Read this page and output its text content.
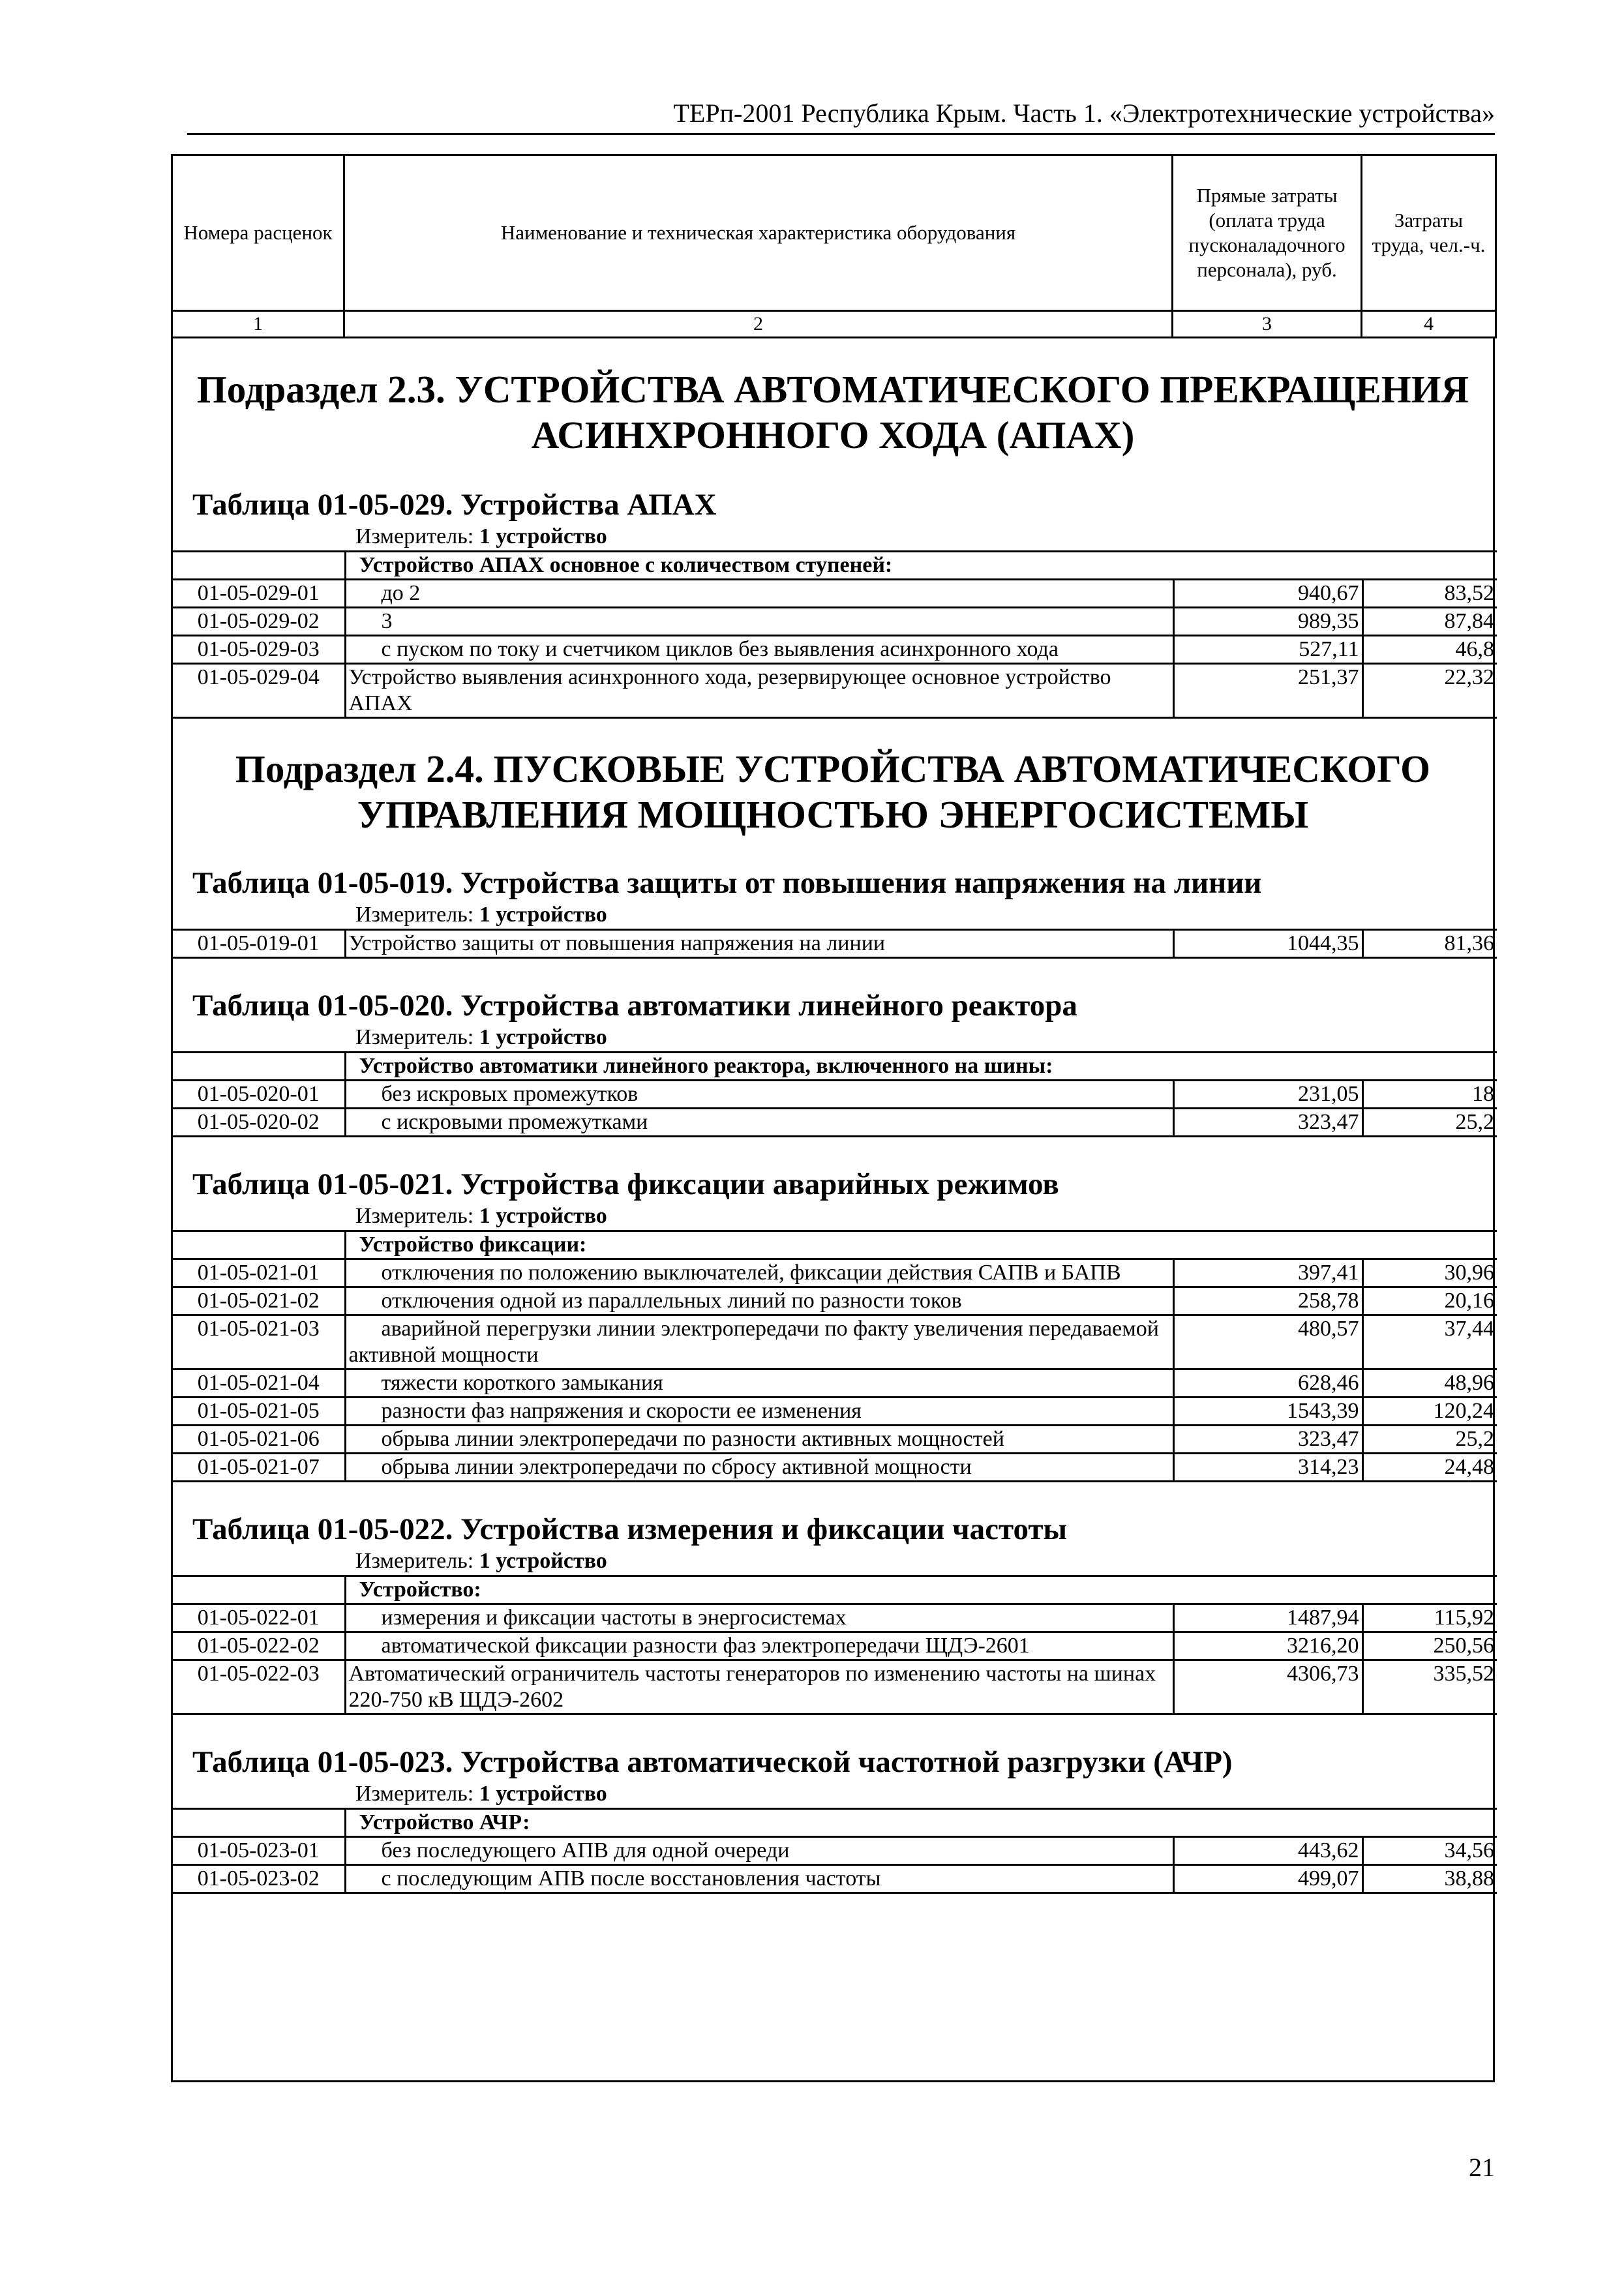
ТЕРп-2001 Республика Крым. Часть 1. «Электротехнические устройства»
Номера расценок	Наименование и техническая характеристика оборудования	Прямые затраты (оплата труда пусконаладочного персонала), руб.	Затраты труда, чел.-ч.
1	2	3	4
Подраздел 2.3. УСТРОЙСТВА АВТОМАТИЧЕСКОГО ПРЕКРАЩЕНИЯ
АСИНХРОННОГО ХОДА (АПАХ)
Таблица 01-05-029. Устройства АПАХ
Измеритель: 1 устройство
	Устройство АПАХ основное с количеством ступеней:		
01-05-029-01	до 2	940,67	83,52
01-05-029-02	3	989,35	87,84
01-05-029-03	с пуском по току и счетчиком циклов без выявления асинхронного хода	527,11	46,8
01-05-029-04	Устройство выявления асинхронного хода, резервирующее основное устройство АПАХ	251,37	22,32
Подраздел 2.4. ПУСКОВЫЕ УСТРОЙСТВА АВТОМАТИЧЕСКОГО
УПРАВЛЕНИЯ МОЩНОСТЬЮ ЭНЕРГОСИСТЕМЫ
Таблица 01-05-019. Устройства защиты от повышения напряжения на линии
Измеритель: 1 устройство
01-05-019-01	Устройство защиты от повышения напряжения на линии	1044,35	81,36
Таблица 01-05-020. Устройства автоматики линейного реактора
Измеритель: 1 устройство
	Устройство автоматики линейного реактора, включенного на шины:		
01-05-020-01	без искровых промежутков	231,05	18
01-05-020-02	с искровыми промежутками	323,47	25,2
Таблица 01-05-021. Устройства фиксации аварийных режимов
Измеритель: 1 устройство
	Устройство фиксации:		
01-05-021-01	отключения по положению выключателей, фиксации действия САПВ и БАПВ	397,41	30,96
01-05-021-02	отключения одной из параллельных линий по разности токов	258,78	20,16
01-05-021-03	аварийной перегрузки линии электропередачи по факту увеличения передаваемой активной мощности	480,57	37,44
01-05-021-04	тяжести короткого замыкания	628,46	48,96
01-05-021-05	разности фаз напряжения и скорости ее изменения	1543,39	120,24
01-05-021-06	обрыва линии электропередачи по разности активных мощностей	323,47	25,2
01-05-021-07	обрыва линии электропередачи по сбросу активной мощности	314,23	24,48
Таблица 01-05-022. Устройства измерения и фиксации частоты
Измеритель: 1 устройство
	Устройство:		
01-05-022-01	измерения и фиксации частоты в энергосистемах	1487,94	115,92
01-05-022-02	автоматической фиксации разности фаз электропередачи ЩДЭ-2601	3216,20	250,56
01-05-022-03	Автоматический ограничитель частоты генераторов по изменению частоты на шинах 220-750 кВ ЩДЭ-2602	4306,73	335,52
Таблица 01-05-023. Устройства автоматической частотной разгрузки (АЧР)
Измеритель: 1 устройство
	Устройство АЧР:		
01-05-023-01	без последующего АПВ для одной очереди	443,62	34,56
01-05-023-02	с последующим АПВ после восстановления частоты	499,07	38,88
21
